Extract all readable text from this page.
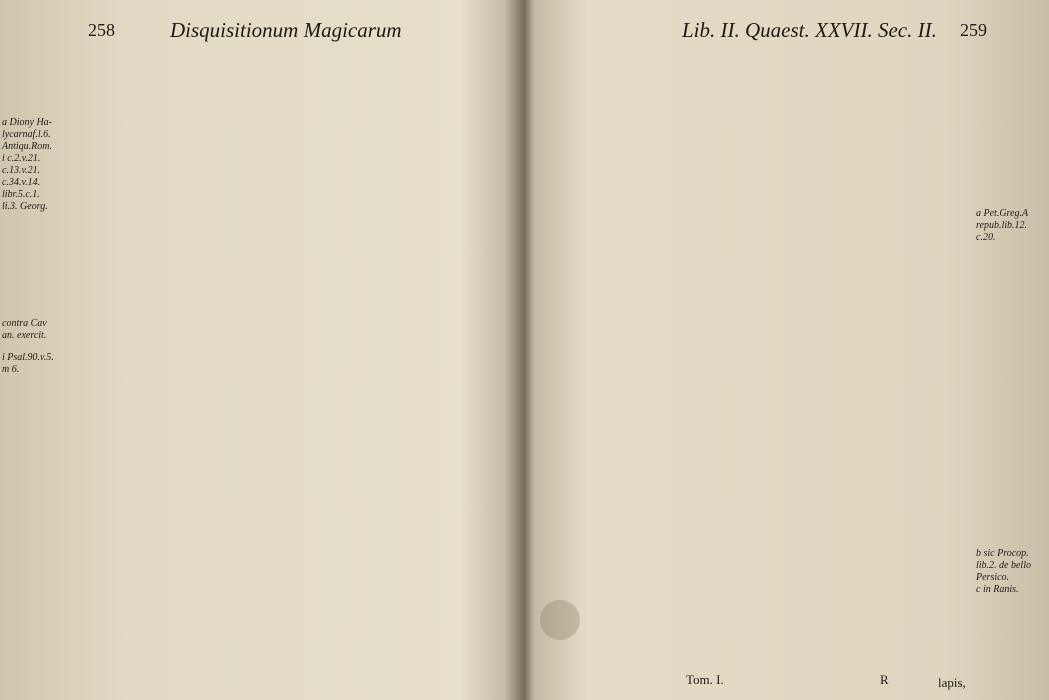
258	Disquisitionum Magicarum
a Diony Ha-
lycarnaf.l.6.
Antiqu.Rom.
i c.2.v.21.
c.13.v.21.
c.34.v.14.
libr.5.c.1.
li.3. Georg.
contra Cav
an. exercit.
i Psal.90.v.5.
m 6.
Lib. II. Quaest. XXVII. Sec. II. 259
a Pet.Greg.A
repub.lib.12.
c.20.
b sic Procop.
lib.2. de bello
Persico.
c in Ranis.
Tom. I.	R	lapis,
